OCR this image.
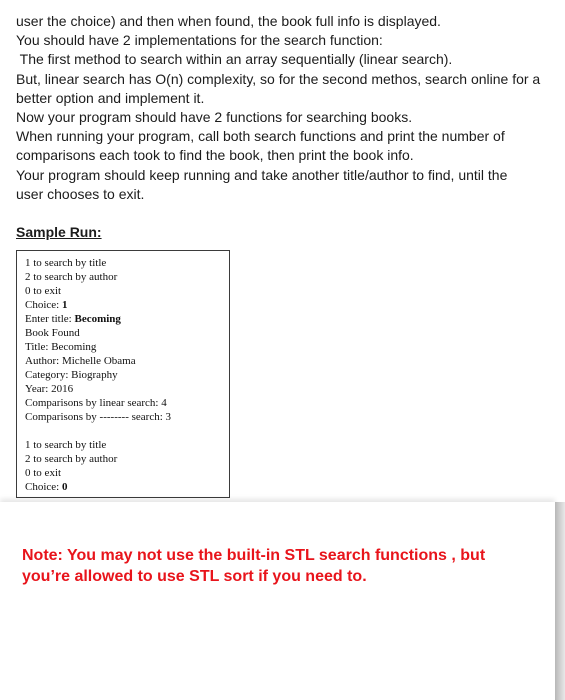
user the choice) and then when found, the book full info is displayed.
You should have 2 implementations for the search function:
The first method to search within an array sequentially (linear search).
But, linear search has O(n) complexity, so for the second methos, search online for a
better option and implement it.
Now your program should have 2 functions for searching books.
When running your program, call both search functions and print the number of
comparisons each took to find the book, then print the book info.
Your program should keep running and take another title/author to find, until the
user chooses to exit.
Sample Run:
1 to search by title
2 to search by author
0 to exit
Choice: 1
Enter title: Becoming
Book Found
Title: Becoming
Author: Michelle Obama
Category: Biography
Year: 2016
Comparisons by linear search: 4
Comparisons by -------- search: 3
1 to search by title
2 to search by author
0 to exit
Choice: 0
Note: You may not use the built-in STL search functions , but
you’re allowed to use STL sort if you need to.
